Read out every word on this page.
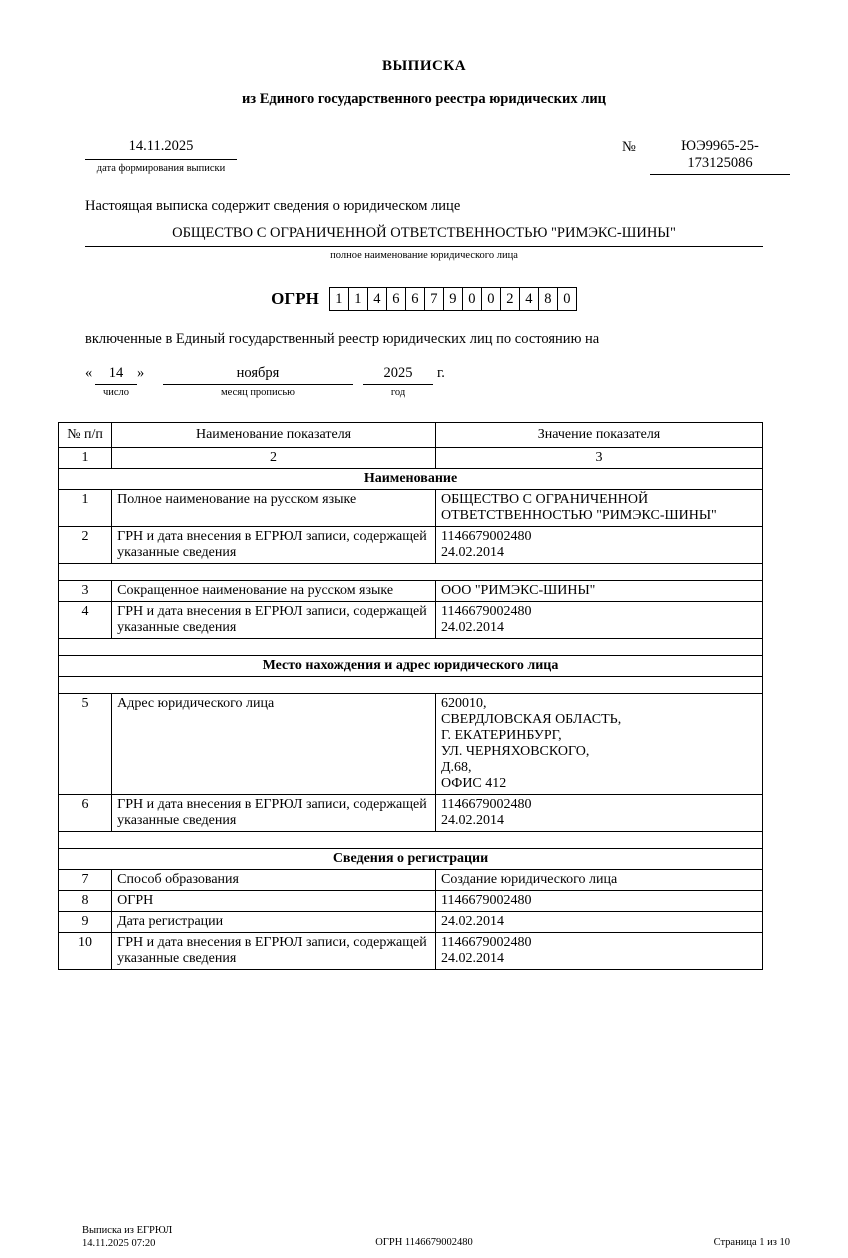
ВЫПИСКА
из Единого государственного реестра юридических лиц
14.11.2025
дата формирования выписки
№	ЮЭ9965-25-
173125086
Настоящая выписка содержит сведения о юридическом лице
ОБЩЕСТВО С ОГРАНИЧЕННОЙ ОТВЕТСТВЕННОСТЬЮ "РИМЭКС-ШИНЫ"
полное наименование юридического лица
ОГРН	1 1 4 6 6 7 9 0 0 2 4 8 0
включенные в Единый государственный реестр юридических лиц по состоянию на
«	14 »	ноября	2025	г.
число	месяц прописью	год
№ п/п	Наименование показателя	Значение показателя
1	2	3
Наименование		
1	Полное наименование на русском языке	ОБЩЕСТВО С ОГРАНИЧЕННОЙ ОТВЕТСТВЕННОСТЬЮ "РИМЭКС-ШИНЫ"
2	ГРН и дата внесения в ЕГРЮЛ записи, содержащей указанные сведения	1146679002480
24.02.2014

3	Сокращенное наименование на русском языке	ООО "РИМЭКС-ШИНЫ"
4	ГРН и дата внесения в ЕГРЮЛ записи, содержащей указанные сведения	1146679002480
24.02.2014

Место нахождения и адрес юридического лица		

5	Адрес юридического лица	620010,
СВЕРДЛОВСКАЯ ОБЛАСТЬ,
Г. ЕКАТЕРИНБУРГ,
УЛ. ЧЕРНЯХОВСКОГО,
Д.68,
ОФИС 412
6	ГРН и дата внесения в ЕГРЮЛ записи, содержащей указанные сведения	1146679002480
24.02.2014

Сведения о регистрации		
7	Способ образования	Создание юридического лица
8	ОГРН	1146679002480
9	Дата регистрации	24.02.2014
10	ГРН и дата внесения в ЕГРЮЛ записи, содержащей указанные сведения	1146679002480
24.02.2014
Выписка из ЕГРЮЛ
14.11.2025 07:20	ОГРН 1146679002480	Страница 1 из 10
